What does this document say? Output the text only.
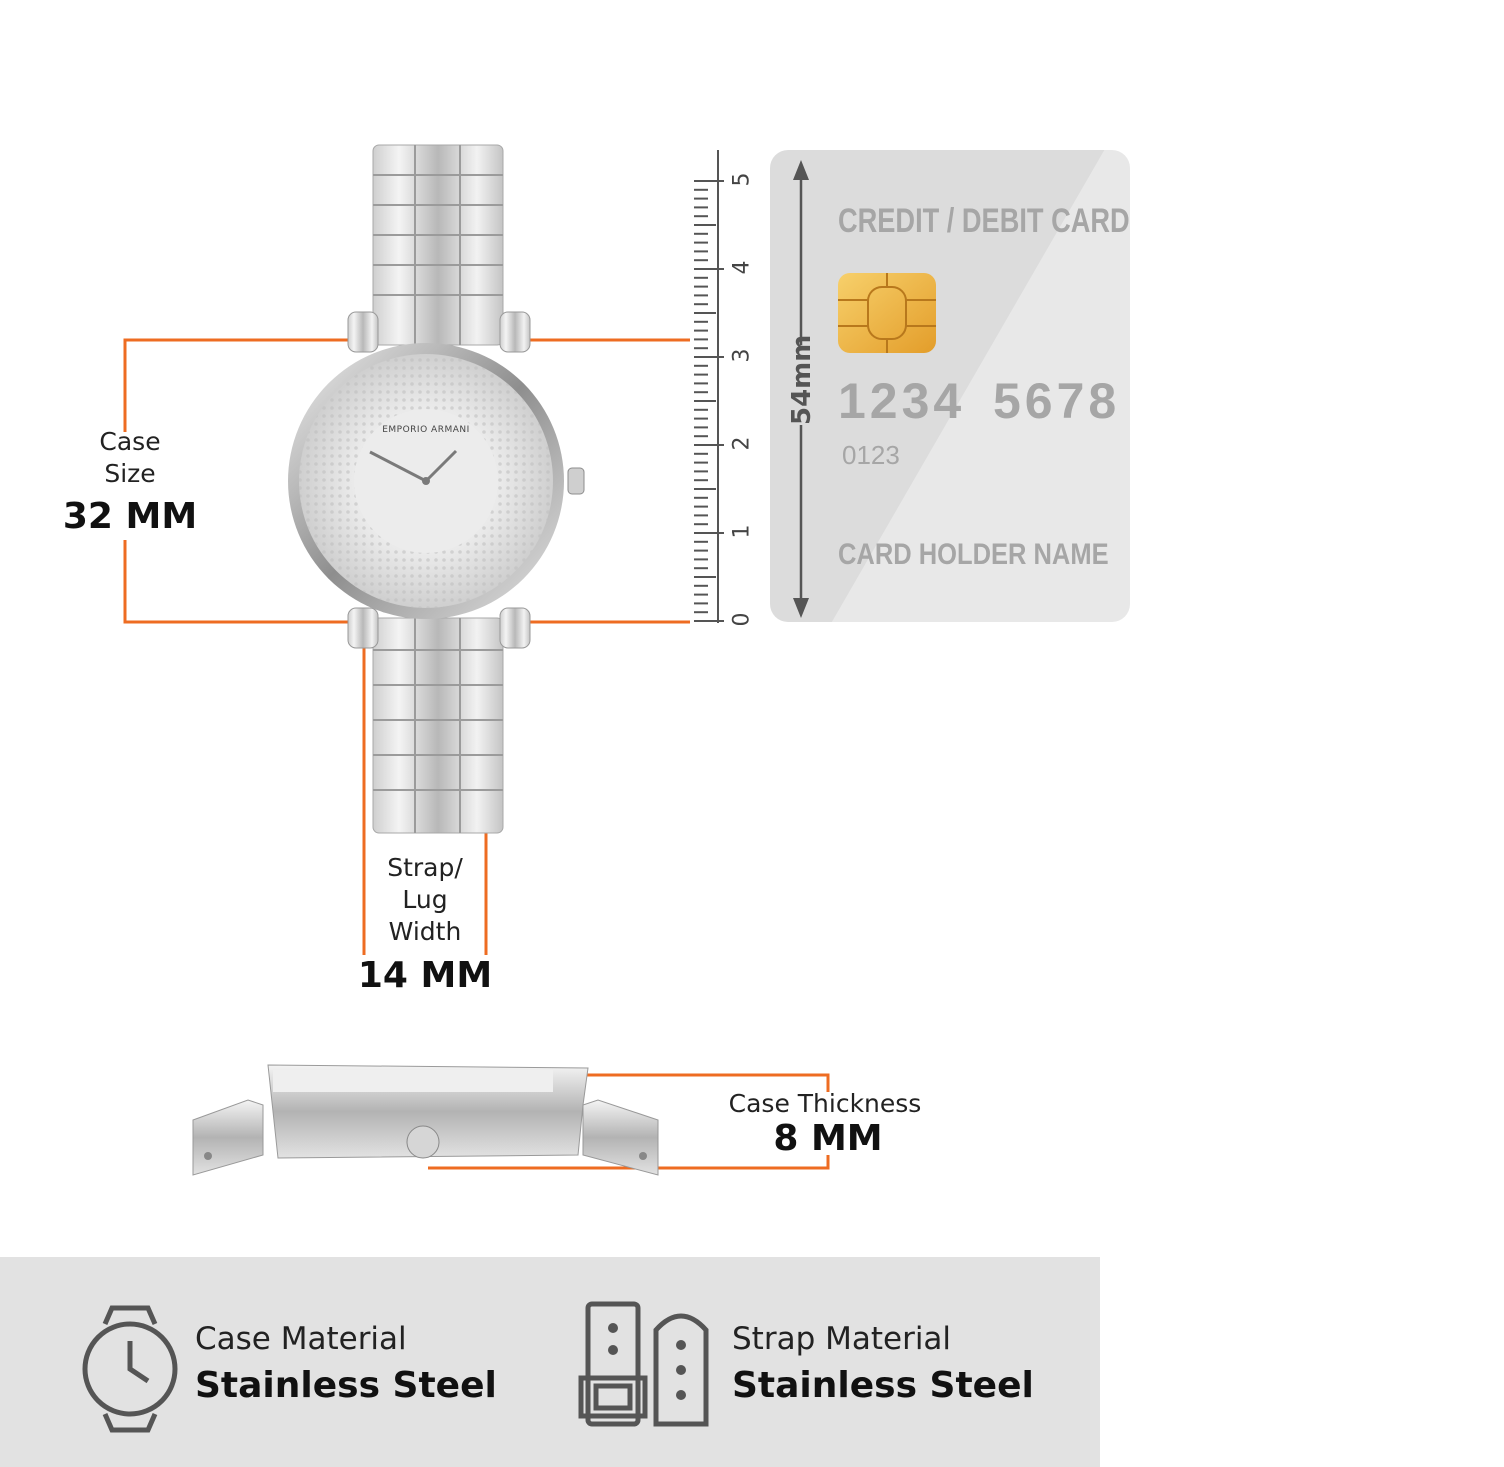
EMPORIO ARMANI
Case
Size
32 MM
Strap/
Lug
Width
14 MM
0
1
2
3
4
5
54mm
CREDIT / DEBIT CARD
1234 5678
0123
CARD HOLDER NAME
Case Thickness
8 MM
Case Material
Stainless Steel
Strap Material
Stainless Steel
